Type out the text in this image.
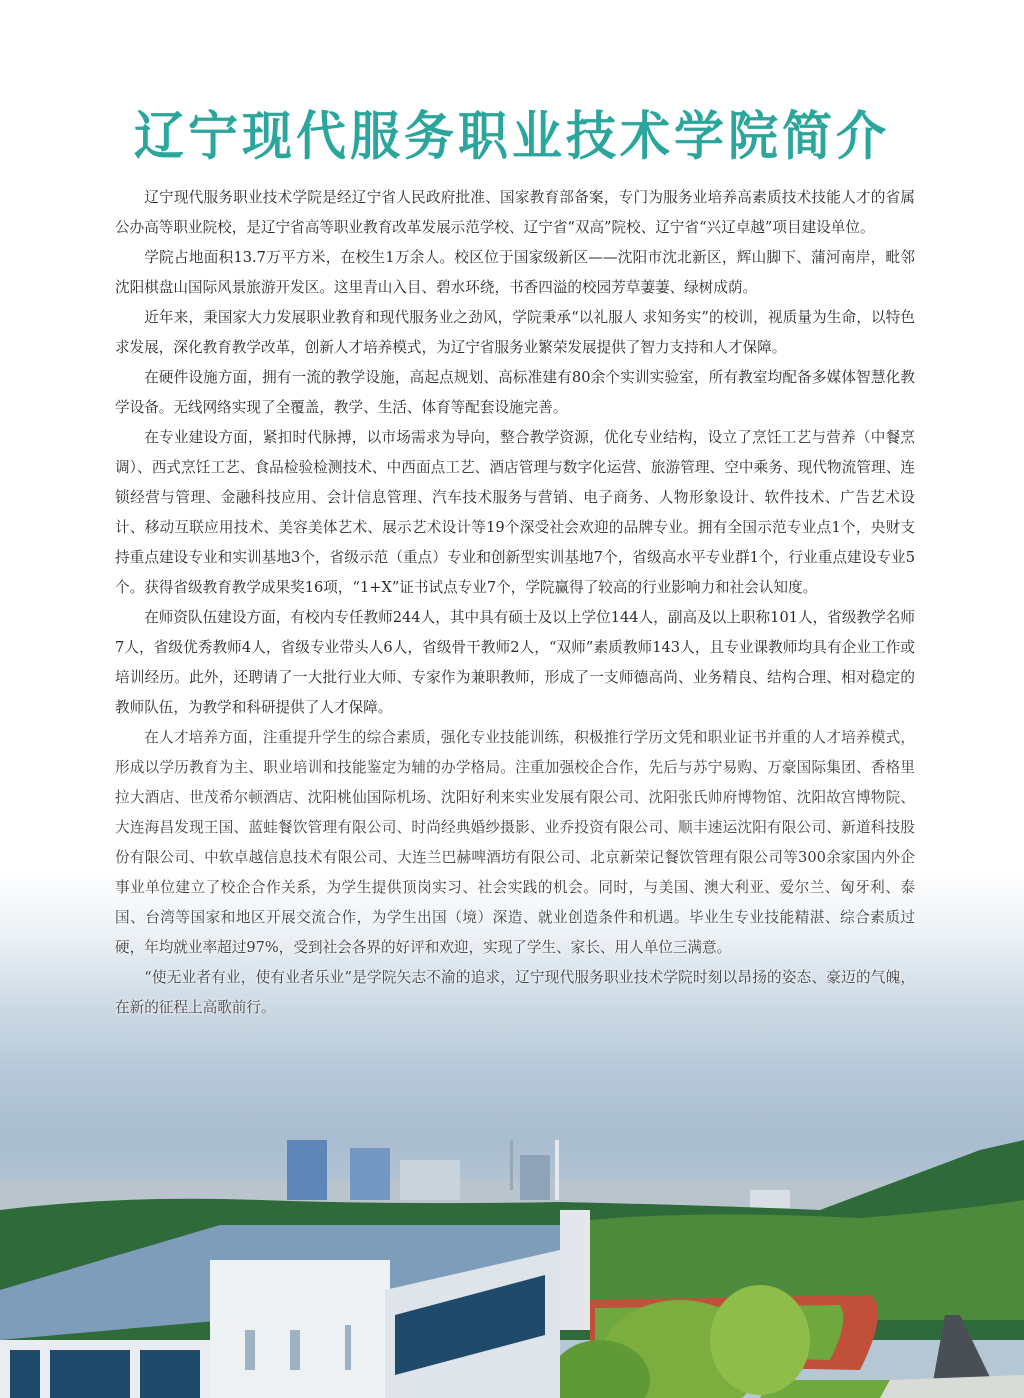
辽宁现代服务职业技术学院简介

辽宁现代服务职业技术学院是经辽宁省人民政府批准、国家教育部备案，专门为服务业培养高素质技术技能人才的省属公办高等职业院校，是辽宁省高等职业教育改革发展示范学校、辽宁省“双高”院校、辽宁省“兴辽卓越”项目建设单位。

学院占地面积13.7万平方米，在校生1万余人。校区位于国家级新区——沈阳市沈北新区，辉山脚下、蒲河南岸，毗邻沈阳棋盘山国际风景旅游开发区。这里青山入目、碧水环绕，书香四溢的校园芳草萋萋、绿树成荫。

近年来，秉国家大力发展职业教育和现代服务业之劲风，学院秉承“以礼服人 求知务实”的校训，视质量为生命，以特色求发展，深化教育教学改革，创新人才培养模式，为辽宁省服务业繁荣发展提供了智力支持和人才保障。

在硬件设施方面，拥有一流的教学设施，高起点规划、高标准建有80余个实训实验室，所有教室均配备多媒体智慧化教学设备。无线网络实现了全覆盖，教学、生活、体育等配套设施完善。

在专业建设方面，紧扣时代脉搏，以市场需求为导向，整合教学资源，优化专业结构，设立了烹饪工艺与营养（中餐烹调）、西式烹饪工艺、食品检验检测技术、中西面点工艺、酒店管理与数字化运营、旅游管理、空中乘务、现代物流管理、连锁经营与管理、金融科技应用、会计信息管理、汽车技术服务与营销、电子商务、人物形象设计、软件技术、广告艺术设计、移动互联应用技术、美容美体艺术、展示艺术设计等19个深受社会欢迎的品牌专业。拥有全国示范专业点1个，央财支持重点建设专业和实训基地3个，省级示范（重点）专业和创新型实训基地7个，省级高水平专业群1个，行业重点建设专业5个。获得省级教育教学成果奖16项，“1+X”证书试点专业7个，学院赢得了较高的行业影响力和社会认知度。

在师资队伍建设方面，有校内专任教师244人，其中具有硕士及以上学位144人，副高及以上职称101人，省级教学名师7人，省级优秀教师4人，省级专业带头人6人，省级骨干教师2人，“双师”素质教师143人，且专业课教师均具有企业工作或培训经历。此外，还聘请了一大批行业大师、专家作为兼职教师，形成了一支师德高尚、业务精良、结构合理、相对稳定的教师队伍，为教学和科研提供了人才保障。

在人才培养方面，注重提升学生的综合素质，强化专业技能训练，积极推行学历文凭和职业证书并重的人才培养模式，形成以学历教育为主、职业培训和技能鉴定为辅的办学格局。注重加强校企合作，先后与苏宁易购、万豪国际集团、香格里拉大酒店、世茂希尔顿酒店、沈阳桃仙国际机场、沈阳好利来实业发展有限公司、沈阳张氏帅府博物馆、沈阳故宫博物院、大连海昌发现王国、蓝蛙餐饮管理有限公司、时尚经典婚纱摄影、业乔投资有限公司、顺丰速运沈阳有限公司、新道科技股份有限公司、中软卓越信息技术有限公司、大连兰巴赫啤酒坊有限公司、北京新荣记餐饮管理有限公司等300余家国内外企事业单位建立了校企合作关系，为学生提供顶岗实习、社会实践的机会。同时，与美国、澳大利亚、爱尔兰、匈牙利、泰国、台湾等国家和地区开展交流合作，为学生出国（境）深造、就业创造条件和机遇。毕业生专业技能精湛、综合素质过硬，年均就业率超过97%，受到社会各界的好评和欢迎，实现了学生、家长、用人单位三满意。

“使无业者有业，使有业者乐业”是学院矢志不渝的追求，辽宁现代服务职业技术学院时刻以昂扬的姿态、豪迈的气魄，在新的征程上高歌前行。
